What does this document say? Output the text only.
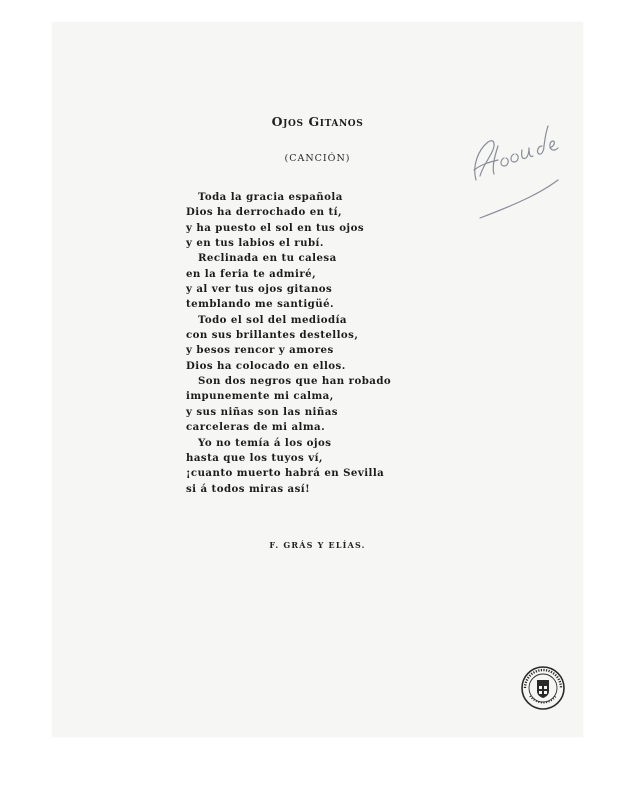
Ojos Gitanos
(CANCIÓN)
Toda la gracia española
Dios ha derrochado en tí,
y ha puesto el sol en tus ojos
y en tus labios el rubí.
Reclinada en tu calesa
en la feria te admiré,
y al ver tus ojos gitanos
temblando me santigüé.
Todo el sol del mediodía
con sus brillantes destellos,
y besos rencor y amores
Dios ha colocado en ellos.
Son dos negros que han robado
impunemente mi calma,
y sus niñas son las niñas
carceleras de mi alma.
Yo no temía á los ojos
hasta que los tuyos ví,
¡cuanto muerto habrá en Sevilla
si á todos miras así!
F. GRÁS Y ELÍAS.
